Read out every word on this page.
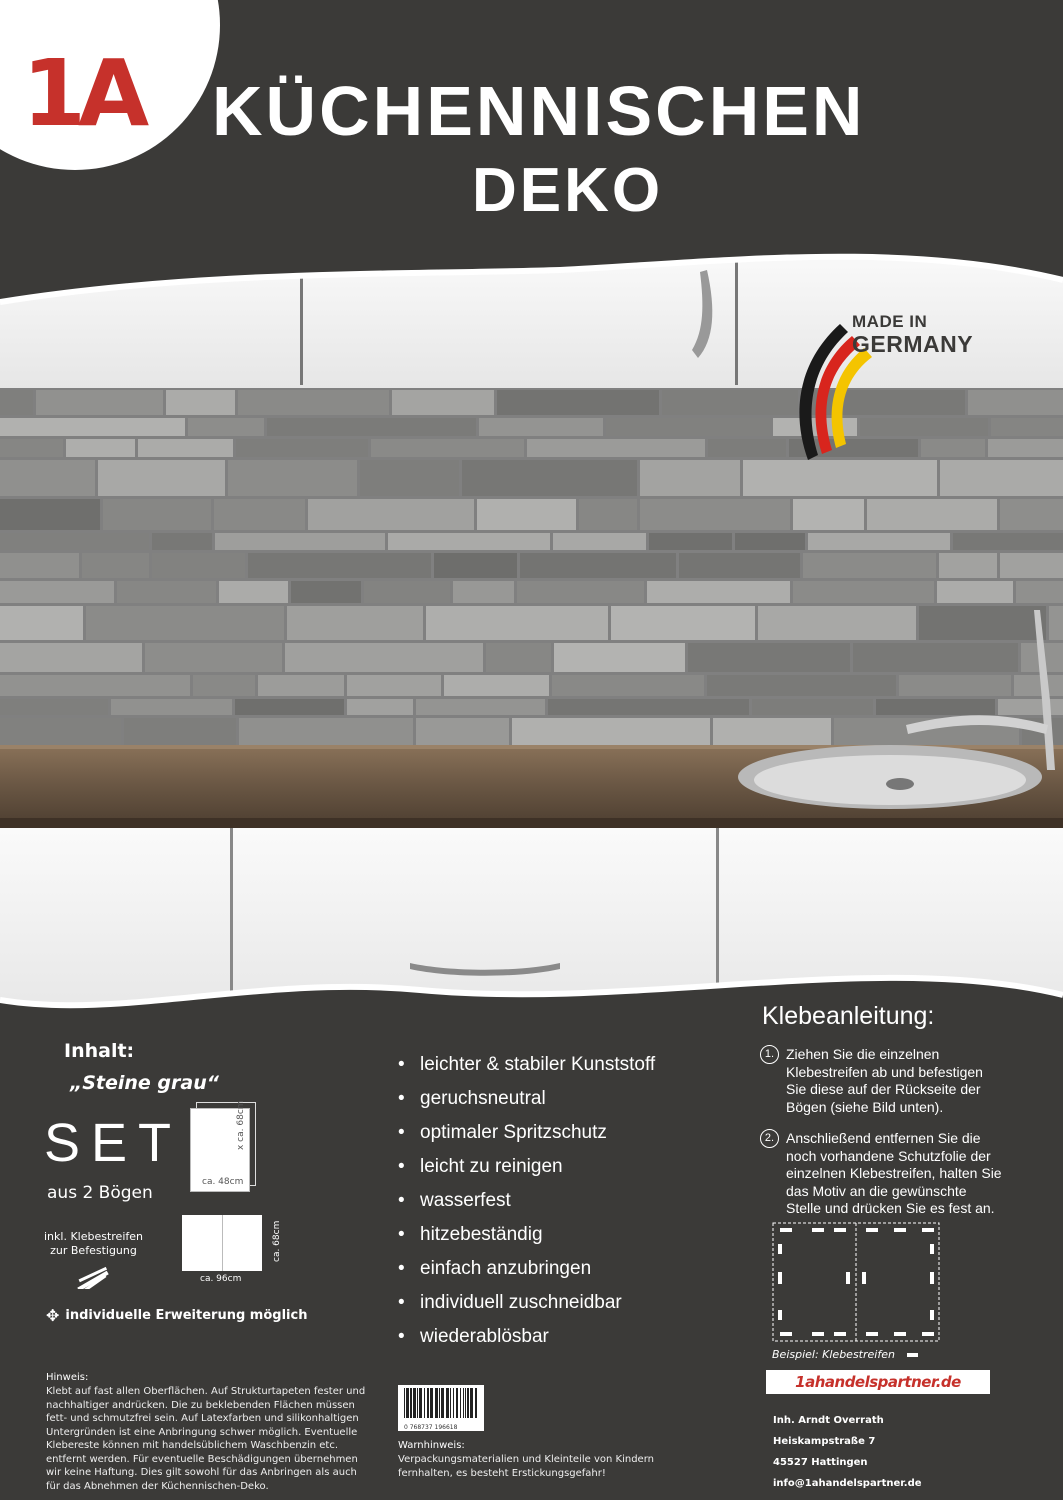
1A KÜCHENNISCHEN
DEKO
MADE IN
GERMANY
Inhalt:
„Steine grau“
SET
aus 2 Bögen
ca. 48cm
x ca. 68cm
inkl. Klebestreifen
zur Befestigung
ca. 96cm
ca. 68cm
✥ individuelle Erweiterung möglich
Hinweis:
Klebt auf fast allen Oberflächen. Auf Strukturtapeten fester und nachhaltiger andrücken. Die zu beklebenden Flächen müssen fett- und schmutzfrei sein. Auf Latexfarben und silikonhaltigen Untergründen ist eine Anbringung schwer möglich. Eventuelle Klebereste können mit handelsüblichem Waschbenzin etc. entfernt werden. Für eventuelle Beschädigungen übernehmen wir keine Haftung. Dies gilt sowohl für das Anbringen als auch für das Abnehmen der Küchennischen-Deko.
• leichter & stabiler Kunststoff
• geruchsneutral
• optimaler Spritzschutz
• leicht zu reinigen
• wasserfest
• hitzebeständig
• einfach anzubringen
• individuell zuschneidbar
• wiederablösbar
0 768737 196618
Warnhinweis:
Verpackungsmaterialien und Kleinteile von Kindern fernhalten, es besteht Erstickungsgefahr!
Klebeanleitung:
1. Ziehen Sie die einzelnen Klebestreifen ab und befestigen Sie diese auf der Rückseite der Bögen (siehe Bild unten).
2. Anschließend entfernen Sie die noch vorhandene Schutzfolie der einzelnen Klebestreifen, halten Sie das Motiv an die gewünschte Stelle und drücken Sie es fest an.
Beispiel: Klebestreifen
1ahandelspartner.de
Inh. Arndt Overrath
Heiskampstraße 7
45527 Hattingen
info@1ahandelspartner.de
